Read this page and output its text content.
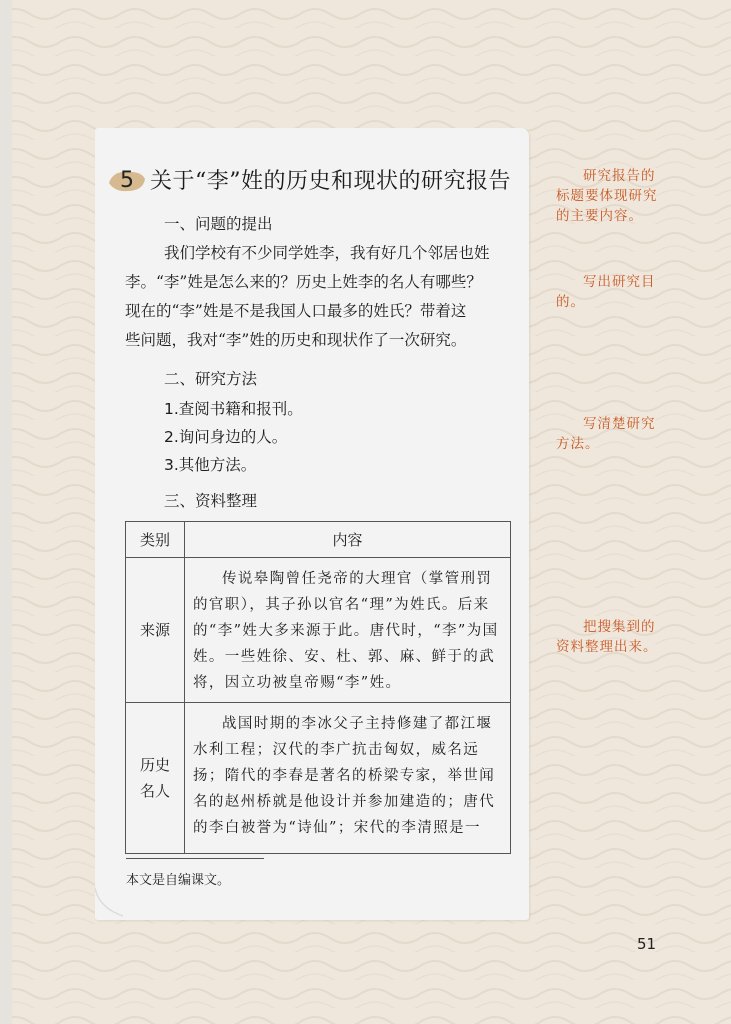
5 关于“李”姓的历史和现状的研究报告
一、问题的提出

我们学校有不少同学姓李，我有好几个邻居也姓

李。“李”姓是怎么来的？历史上姓李的名人有哪些？

现在的“李”姓是不是我国人口最多的姓氏？带着这

些问题，我对“李”姓的历史和现状作了一次研究。

二、研究方法
1.查阅书籍和报刊。
2.询问身边的人。
3.其他方法。
三、资料整理
类别	内容
来源	传说皋陶曾任尧帝的大理官（掌管刑罚的官职），其子孙以官名“理”为姓氏。后来的“李”姓大多来源于此。唐代时，“李”为国姓。一些姓徐、安、杜、郭、麻、鲜于的武将，因立功被皇帝赐“李”姓。

历史
名人	战国时期的李冰父子主持修建了都江堰水利工程；汉代的李广抗击匈奴，威名远扬；隋代的李春是著名的桥梁专家，举世闻名的赵州桥就是他设计并参加建造的；唐代的李白被誉为“诗仙”；宋代的李清照是一
本文是自编课文。
研究报告的
标题要体现研究
的主要内容。
写出研究目
的。
写清楚研究
方法。
把搜集到的
资料整理出来。
51
